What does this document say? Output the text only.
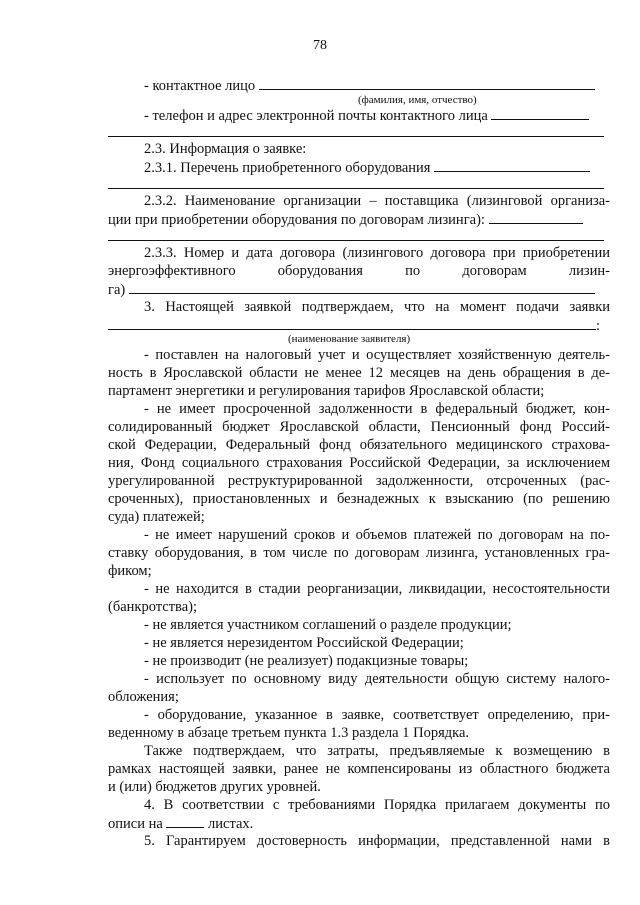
78
- контактное лицо
(фамилия, имя, отчество)
- телефон и адрес электронной почты контактного лица
2.3. Информация о заявке:
2.3.1. Перечень приобретенного оборудования
2.3.2. Наименование организации – поставщика (лизинговой организа-
ции при приобретении оборудования по договорам лизинга):
2.3.3. Номер и дата договора (лизингового договора при приобретении
энергоэффективного	оборудования	по	договорам	лизин-
га)
3. Настоящей заявкой подтверждаем, что на момент подачи заявки
:
(наименование заявителя)
- поставлен на налоговый учет и осуществляет хозяйственную деятель-
ность в Ярославской области не менее 12 месяцев на день обращения в де-
партамент энергетики и регулирования тарифов Ярославской области;
- не имеет просроченной задолженности в федеральный бюджет, кон-
солидированный бюджет Ярославской области, Пенсионный фонд Россий-
ской Федерации, Федеральный фонд обязательного медицинского страхова-
ния, Фонд социального страхования Российской Федерации, за исключением
урегулированной реструктурированной задолженности, отсроченных (рас-
сроченных), приостановленных и безнадежных к взысканию (по решению
суда) платежей;
- не имеет нарушений сроков и объемов платежей по договорам на по-
ставку оборудования, в том числе по договорам лизинга, установленных гра-
фиком;
- не находится в стадии реорганизации, ликвидации, несостоятельности
(банкротства);
- не является участником соглашений о разделе продукции;
- не является нерезидентом Российской Федерации;
- не производит (не реализует) подакцизные товары;
- использует по основному виду деятельности общую систему налого-
обложения;
- оборудование, указанное в заявке, соответствует определению, при-
веденному в абзаце третьем пункта 1.3 раздела 1 Порядка.
Также подтверждаем, что затраты, предъявляемые к возмещению в
рамках настоящей заявки, ранее не компенсированы из областного бюджета
и (или) бюджетов других уровней.
4. В соответствии с требованиями Порядка прилагаем документы по
описи на	листах.
5. Гарантируем достоверность информации, представленной нами в
